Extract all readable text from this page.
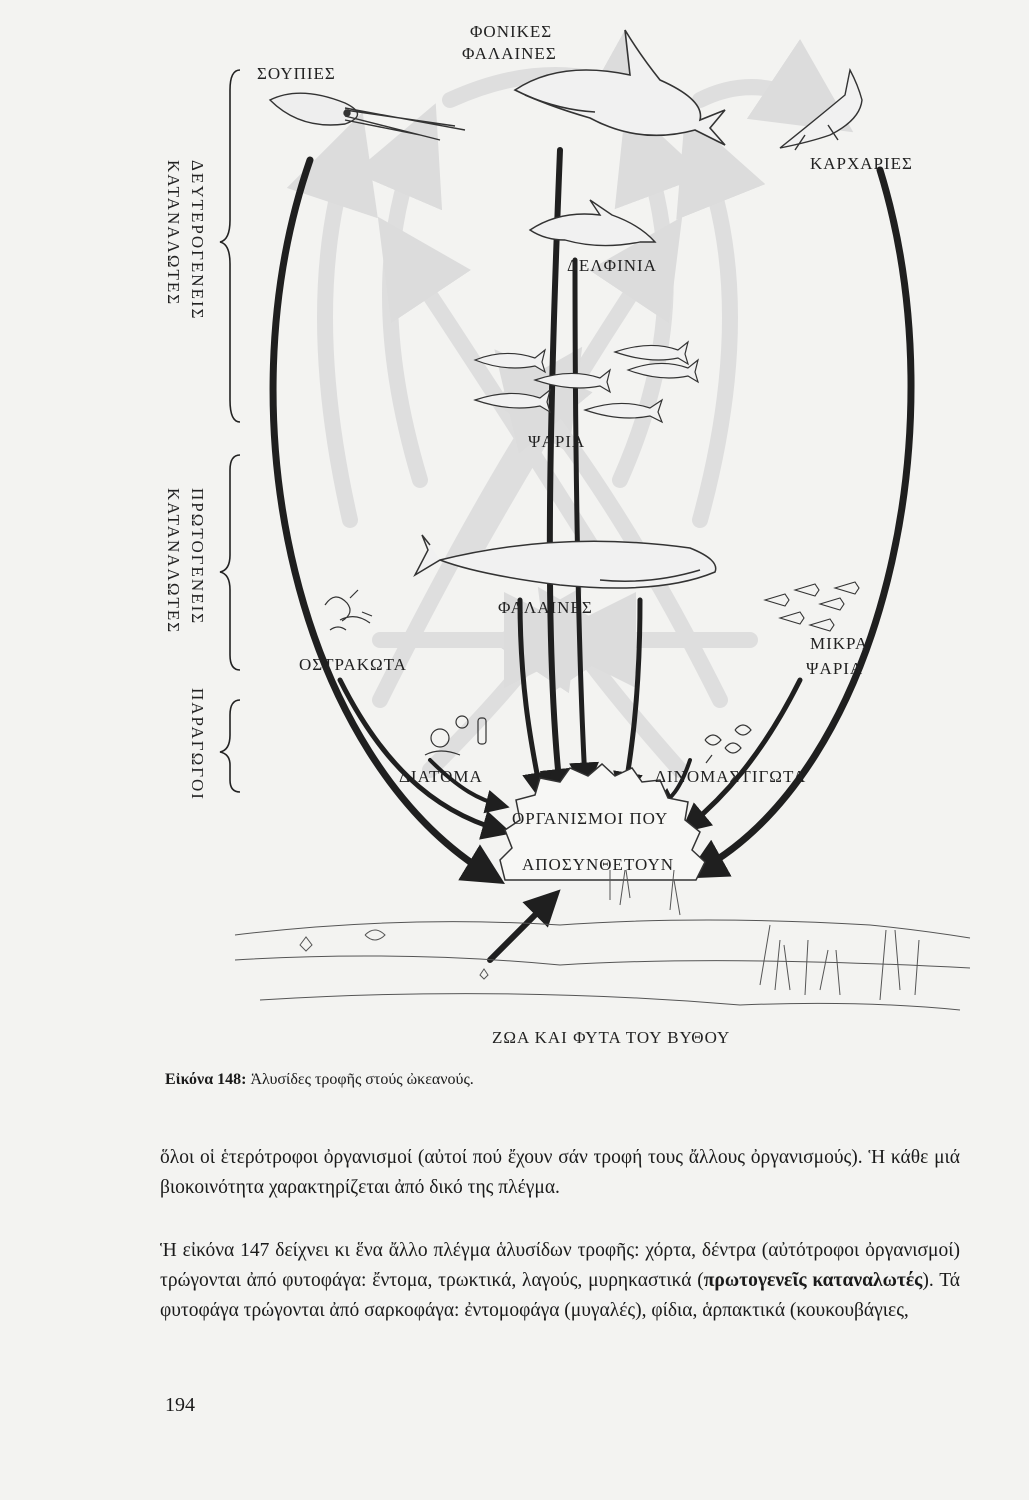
ΦΟΝΙΚΕΣ
ΦΑΛΑΙΝΕΣ
ΣΟΥΠΙΕΣ
ΚΑΡΧΑΡΙΕΣ
ΔΕΛΦΙΝΙΑ
ΨΑΡΙΑ
ΦΑΛΑΙΝΕΣ
ΟΣΤΡΑΚΩΤΑ
ΜΙΚΡΑ
ΨΑΡΙΑ
ΔΙΑΤΟΜΑ	ΔΙΝΟΜΑΣΤΙΓΩΤΑ
ΟΡΓΑΝΙΣΜΟΙ ΠΟΥ
ΑΠΟΣΥΝΘΕΤΟΥΝ
ΖΩΑ ΚΑΙ ΦΥΤΑ ΤΟΥ ΒΥΘΟΥ
ΔΕΥΤΕΡΟΓΕΝΕΙΣ
ΚΑΤΑΝΑΛΩΤΕΣ
ΠΡΩΤΟΓΕΝΕΙΣ
ΚΑΤΑΝΑΛΩΤΕΣ
ΠΑΡΑΓΩΓΟΙ
Εἰκόνα 148: Ἁλυσίδες τροφῆς στούς ὠκεανούς.

ὅλοι οἱ ἑτερότροφοι ὀργανισμοί (αὐτοί πού ἔχουν σάν τροφή τους ἄλλους ὀργανισμούς). Ἡ κάθε μιά βιοκοινότητα χαρακτηρίζεται ἀπό δικό της πλέγμα.

Ἡ εἰκόνα 147 δείχνει κι ἕνα ἄλλο πλέγμα ἁλυσίδων τροφῆς: χόρτα, δέντρα (αὐτότροφοι ὀργανισμοί) τρώγονται ἀπό φυτοφάγα: ἔντομα, τρωκτικά, λαγούς, μυρηκαστικά (πρωτογενεῖς καταναλωτές). Τά φυτοφάγα τρώγονται ἀπό σαρκοφάγα: ἐντομοφάγα (μυγαλές), φίδια, ἁρπακτικά (κουκουβάγιες,

194
